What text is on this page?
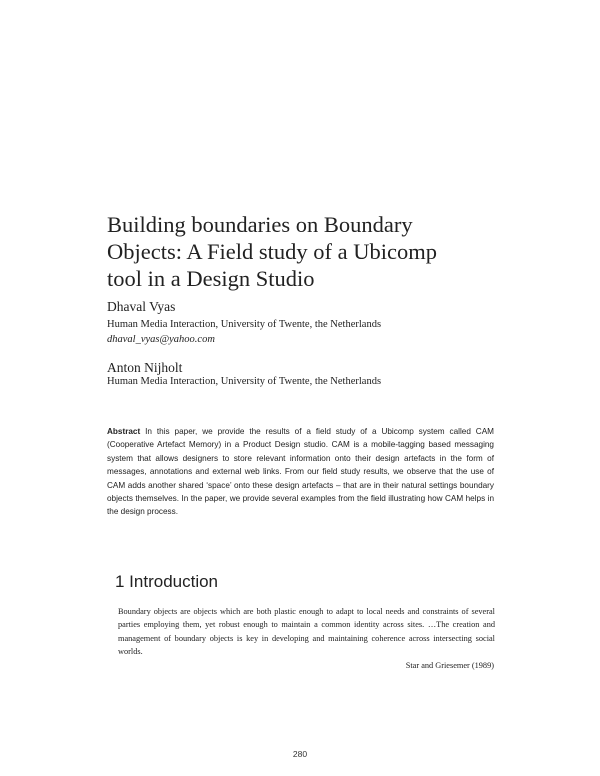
Building boundaries on Boundary
Objects: A Field study of a Ubicomp
tool in a Design Studio
Dhaval Vyas
Human Media Interaction, University of Twente, the Netherlands
dhaval_vyas@yahoo.com
Anton Nijholt
Human Media Interaction, University of Twente, the Netherlands

Abstract In this paper, we provide the results of a field study of a Ubicomp system called CAM (Cooperative Artefact Memory) in a Product Design studio. CAM is a mobile-tagging based messaging system that allows designers to store relevant information onto their design artefacts in the form of messages, annotations and external web links. From our field study results, we observe that the use of CAM adds another shared ‘space’ onto these design artefacts – that are in their natural settings boundary objects themselves. In the paper, we provide several examples from the field illustrating how CAM helps in the design process.

1 Introduction

Boundary objects are objects which are both plastic enough to adapt to local needs and constraints of several parties employing them, yet robust enough to maintain a common identity across sites. …The creation and management of boundary objects is key in developing and maintaining coherence across intersecting social worlds.

Star and Griesemer (1989)
280
